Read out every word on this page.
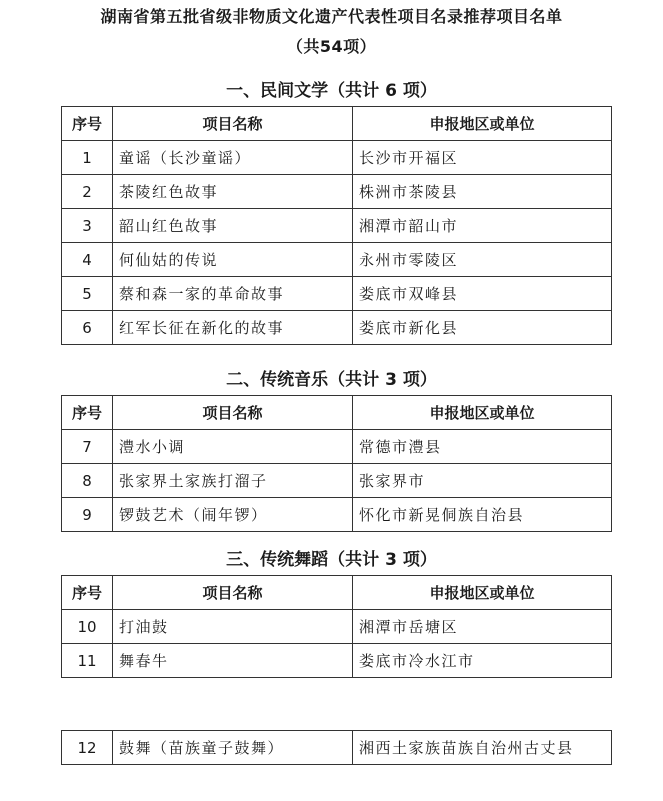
湖南省第五批省级非物质文化遗产代表性项目名录推荐项目名单
（共54项）
一、民间文学（共计 6 项）
序号	项目名称	申报地区或单位
1	童谣（长沙童谣）	长沙市开福区
2	茶陵红色故事	株洲市茶陵县
3	韶山红色故事	湘潭市韶山市
4	何仙姑的传说	永州市零陵区
5	蔡和森一家的革命故事	娄底市双峰县
6	红军长征在新化的故事	娄底市新化县
二、传统音乐（共计 3 项）
序号	项目名称	申报地区或单位
7	澧水小调	常德市澧县
8	张家界土家族打溜子	张家界市
9	锣鼓艺术（闹年锣）	怀化市新晃侗族自治县
三、传统舞蹈（共计 3 项）
序号	项目名称	申报地区或单位
10	打油鼓	湘潭市岳塘区
11	舞春牛	娄底市冷水江市
12	鼓舞（苗族童子鼓舞）	湘西土家族苗族自治州古丈县
